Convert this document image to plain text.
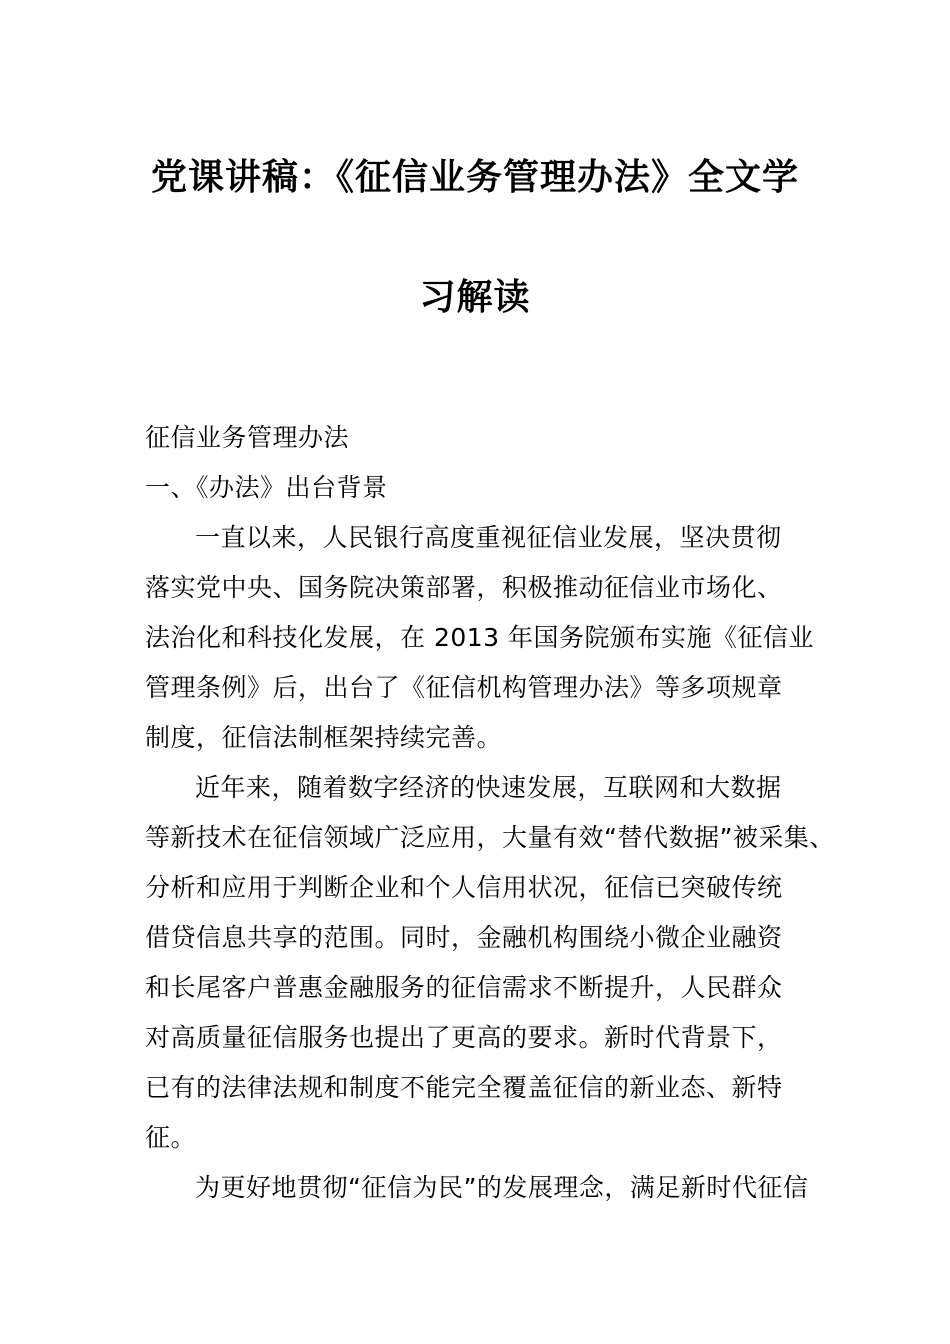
党课讲稿：《征信业务管理办法》全文学
习解读
征信业务管理办法
一、《办法》出台背景
一直以来，人民银行高度重视征信业发展，坚决贯彻
落实党中央、国务院决策部署，积极推动征信业市场化、
法治化和科技化发展，在 2013 年国务院颁布实施《征信业
管理条例》后，出台了《征信机构管理办法》等多项规章
制度，征信法制框架持续完善。
近年来，随着数字经济的快速发展，互联网和大数据
等新技术在征信领域广泛应用，大量有效“替代数据”被采集、
分析和应用于判断企业和个人信用状况，征信已突破传统
借贷信息共享的范围。同时，金融机构围绕小微企业融资
和长尾客户普惠金融服务的征信需求不断提升，人民群众
对高质量征信服务也提出了更高的要求。新时代背景下，
已有的法律法规和制度不能完全覆盖征信的新业态、新特
征。
为更好地贯彻“征信为民”的发展理念，满足新时代征信
